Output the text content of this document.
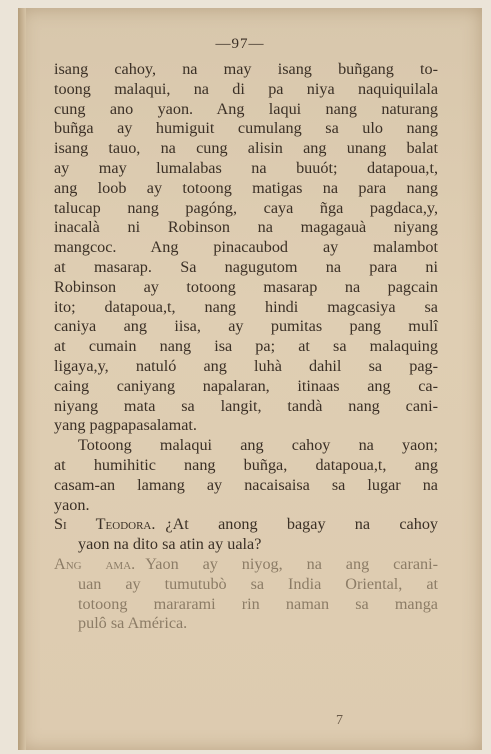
—97—
isang cahoy, na may isang buñgang to-
toong malaqui, na di pa niya naquiquilala
cung ano yaon. Ang laqui nang naturang
buñga ay humiguit cumulang sa ulo nang
isang tauo, na cung alisin ang unang balat
ay may lumalabas na buuót; datapoua,t,
ang loob ay totoong matigas na para nang
talucap nang pagóng, caya ñga pagdaca,y,
inacalà ni Robinson na magagauà niyang
mangcoc. Ang pinacaubod ay malambot
at masarap. Sa nagugutom na para ni
Robinson ay totoong masarap na pagcain
ito; datapoua,t, nang hindi magcasiya sa
caniya ang iisa, ay pumitas pang mulî
at cumain nang isa pa; at sa malaquing
ligaya,y, natuló ang luhà dahil sa pag-
caing caniyang napalaran, itinaas ang ca-
niyang mata sa langit, tandà nang cani-
yang pagpapasalamat.
Totoong malaqui ang cahoy na yaon;
at humihitic nang buñga, datapoua,t, ang
casam-an lamang ay nacaisaisa sa lugar na
yaon.
Si Teodora. ¿At anong bagay na cahoy
yaon na dito sa atin ay uala?
Ang ama. Yaon ay niyog, na ang carani-
uan ay tumutubò sa India Oriental, at
totoong mararami rin naman sa manga
pulô sa América.
7
